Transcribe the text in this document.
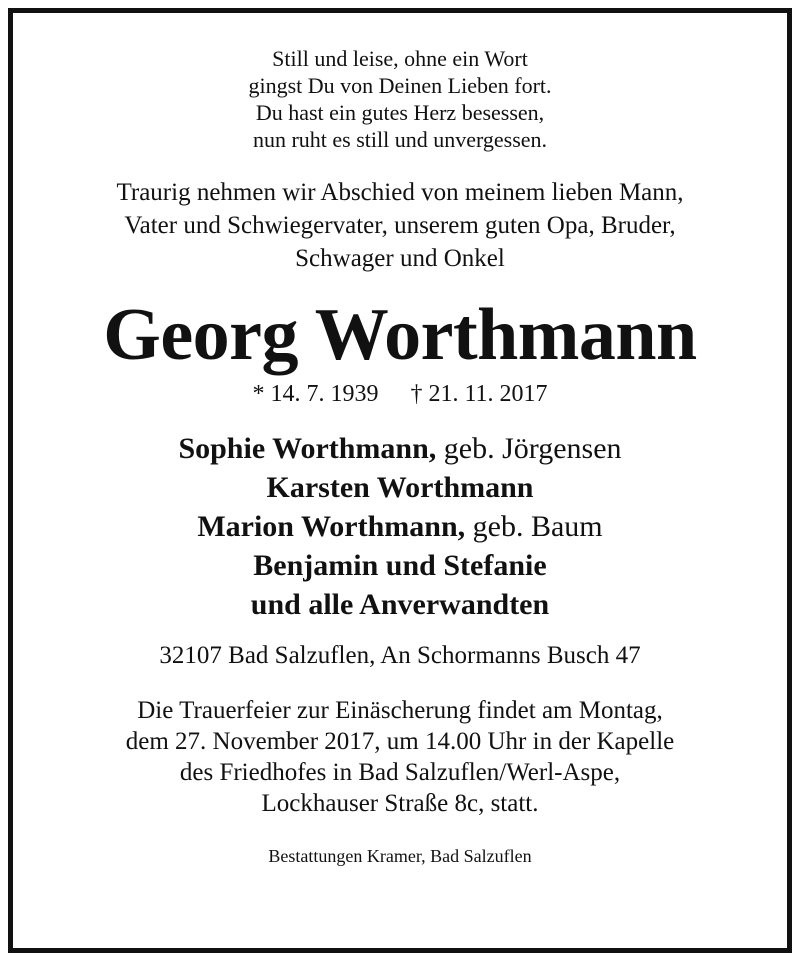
Still und leise, ohne ein Wort
gingst Du von Deinen Lieben fort.
Du hast ein gutes Herz besessen,
nun ruht es still und unvergessen.
Traurig nehmen wir Abschied von meinem lieben Mann,
Vater und Schwiegervater, unserem guten Opa, Bruder,
Schwager und Onkel
Georg Worthmann
* 14. 7. 1939 † 21. 11. 2017
Sophie Worthmann, geb. Jörgensen
Karsten Worthmann
Marion Worthmann, geb. Baum
Benjamin und Stefanie
und alle Anverwandten
32107 Bad Salzuflen, An Schormanns Busch 47
Die Trauerfeier zur Einäscherung findet am Montag,
dem 27. November 2017, um 14.00 Uhr in der Kapelle
des Friedhofes in Bad Salzuflen/Werl-Aspe,
Lockhauser Straße 8c, statt.
Bestattungen Kramer, Bad Salzuflen
